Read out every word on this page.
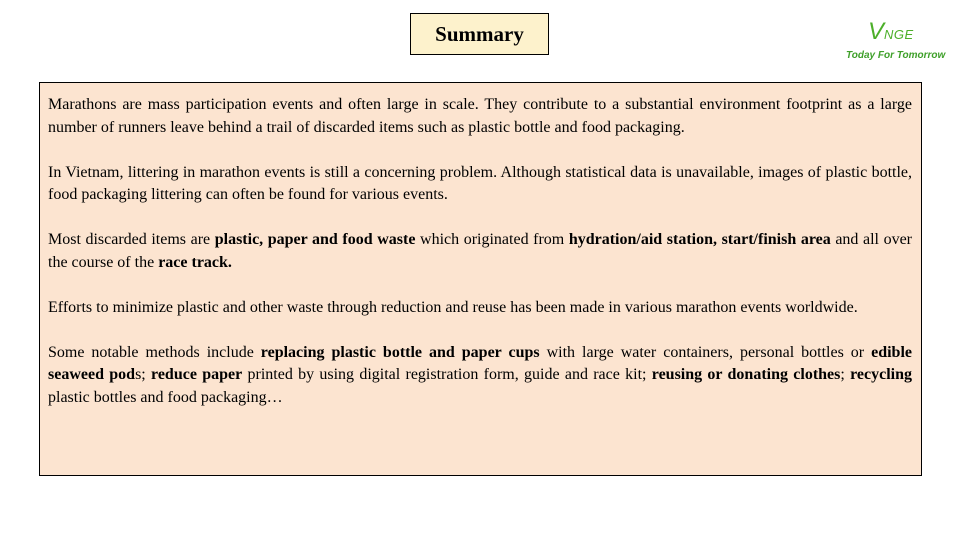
Summary	VNGE
Today For Tomorrow

Marathons are mass participation events and often large in scale. They contribute to a substantial environment footprint as a large number of runners leave behind a trail of discarded items such as plastic bottle and food packaging.

In Vietnam, littering in marathon events is still a concerning problem. Although statistical data is unavailable, images of plastic bottle, food packaging littering can often be found for various events.

Most discarded items are plastic, paper and food waste which originated from hydration/aid station, start/finish area and all over the course of the race track.

Efforts to minimize plastic and other waste through reduction and reuse has been made in various marathon events worldwide.

Some notable methods include replacing plastic bottle and paper cups with large water containers, personal bottles or edible seaweed pods; reduce paper printed by using digital registration form, guide and race kit; reusing or donating clothes; recycling plastic bottles and food packaging…
